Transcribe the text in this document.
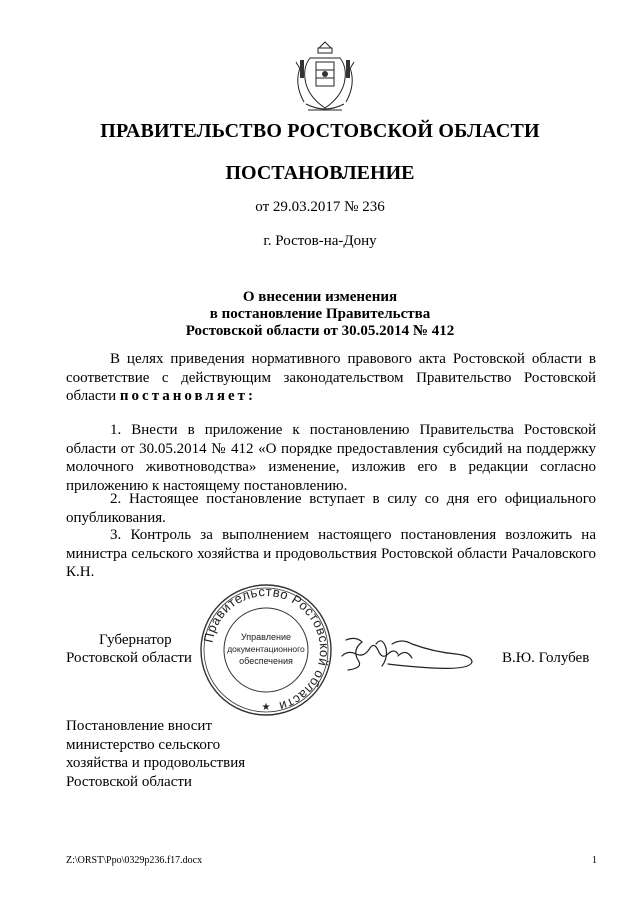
ПРАВИТЕЛЬСТВО РОСТОВСКОЙ ОБЛАСТИ
ПОСТАНОВЛЕНИЕ
от 29.03.2017 № 236
г. Ростов-на-Дону
О внесении изменения
в постановление Правительства
Ростовской области от 30.05.2014 № 412

В целях приведения нормативного правового акта Ростовской области в соответствие с действующим законодательством Правительство Ростовской области постановляет:

1. Внести в приложение к постановлению Правительства Ростовской области от 30.05.2014 № 412 «О порядке предоставления субсидий на поддержку молочного животноводства» изменение, изложив его в редакции согласно приложению к настоящему постановлению.

2. Настоящее постановление вступает в силу со дня его официального опубликования.

3. Контроль за выполнением настоящего постановления возложить на министра сельского хозяйства и продовольствия Ростовской области Рачаловского К.Н.

Губернатор
Ростовской области
Правительство Ростовской области
Управление
документационного
обеспечения
★
В.Ю. Голубев
Постановление вносит
министерство сельского
хозяйства и продовольствия
Ростовской области
Z:\ORST\Ppo\0329p236.f17.docx	1
